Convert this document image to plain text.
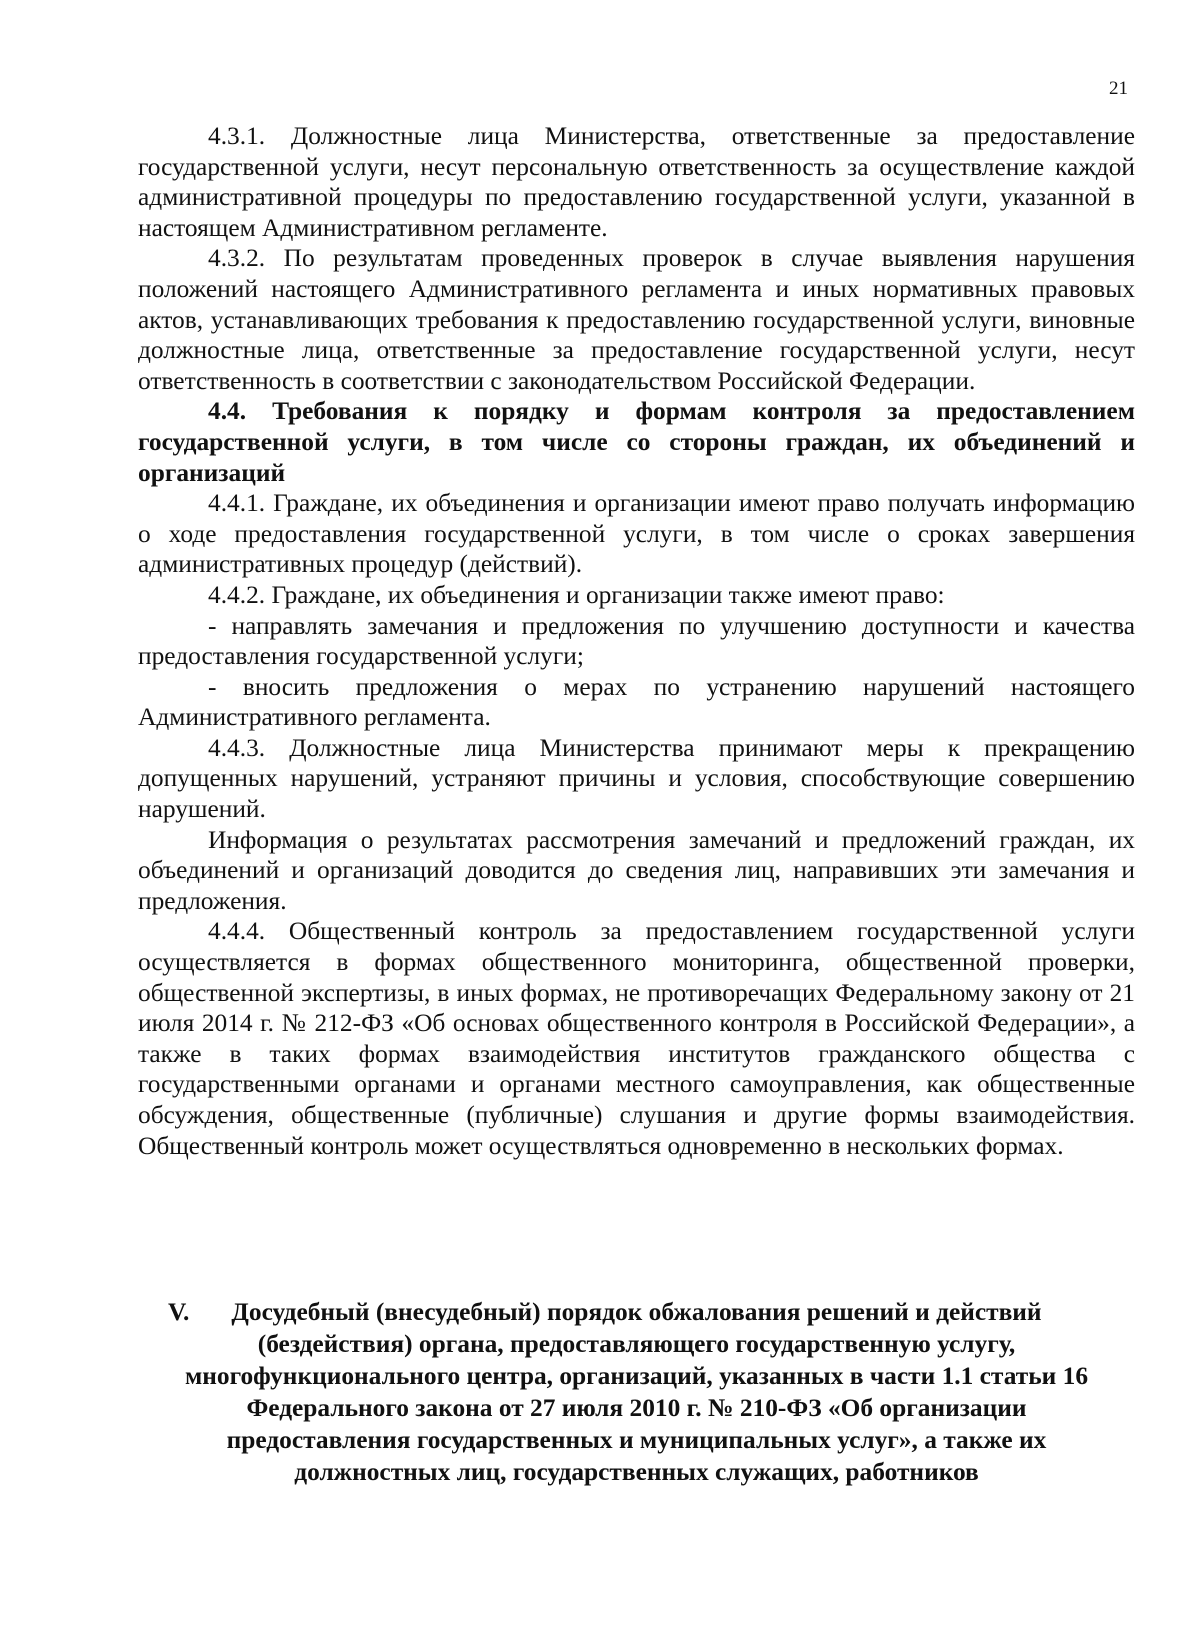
21

4.3.1. Должностные лица Министерства, ответственные за предоставление государственной услуги, несут персональную ответственность за осуществление каждой административной процедуры по предоставлению государственной услуги, указанной в настоящем Административном регламенте.

4.3.2. По результатам проведенных проверок в случае выявления нарушения положений настоящего Административного регламента и иных нормативных правовых актов, устанавливающих требования к предоставлению государственной услуги, виновные должностные лица, ответственные за предоставление государственной услуги, несут ответственность в соответствии с законодательством Российской Федерации.

4.4. Требования к порядку и формам контроля за предоставлением государственной услуги, в том числе со стороны граждан, их объединений и организаций

4.4.1. Граждане, их объединения и организации имеют право получать информацию о ходе предоставления государственной услуги, в том числе о сроках завершения административных процедур (действий).

4.4.2. Граждане, их объединения и организации также имеют право:

- направлять замечания и предложения по улучшению доступности и качества предоставления государственной услуги;

- вносить предложения о мерах по устранению нарушений настоящего Административного регламента.

4.4.3. Должностные лица Министерства принимают меры к прекращению допущенных нарушений, устраняют причины и условия, способствующие совершению нарушений.

Информация о результатах рассмотрения замечаний и предложений граждан, их объединений и организаций доводится до сведения лиц, направивших эти замечания и предложения.

4.4.4. Общественный контроль за предоставлением государственной услуги осуществляется в формах общественного мониторинга, общественной проверки, общественной экспертизы, в иных формах, не противоречащих Федеральному закону от 21 июля 2014 г. № 212-ФЗ «Об основах общественного контроля в Российской Федерации», а также в таких формах взаимодействия институтов гражданского общества с государственными органами и органами местного самоуправления, как общественные обсуждения, общественные (публичные) слушания и другие формы взаимодействия. Общественный контроль может осуществляться одновременно в нескольких формах.

V.	Досудебный (внесудебный) порядок обжалования решений и действий
(бездействия) органа, предоставляющего государственную услугу,
многофункционального центра, организаций, указанных в части 1.1 статьи 16
Федерального закона от 27 июля 2010 г. № 210-ФЗ «Об организации
предоставления государственных и муниципальных услуг», а также их
должностных лиц, государственных служащих, работников
